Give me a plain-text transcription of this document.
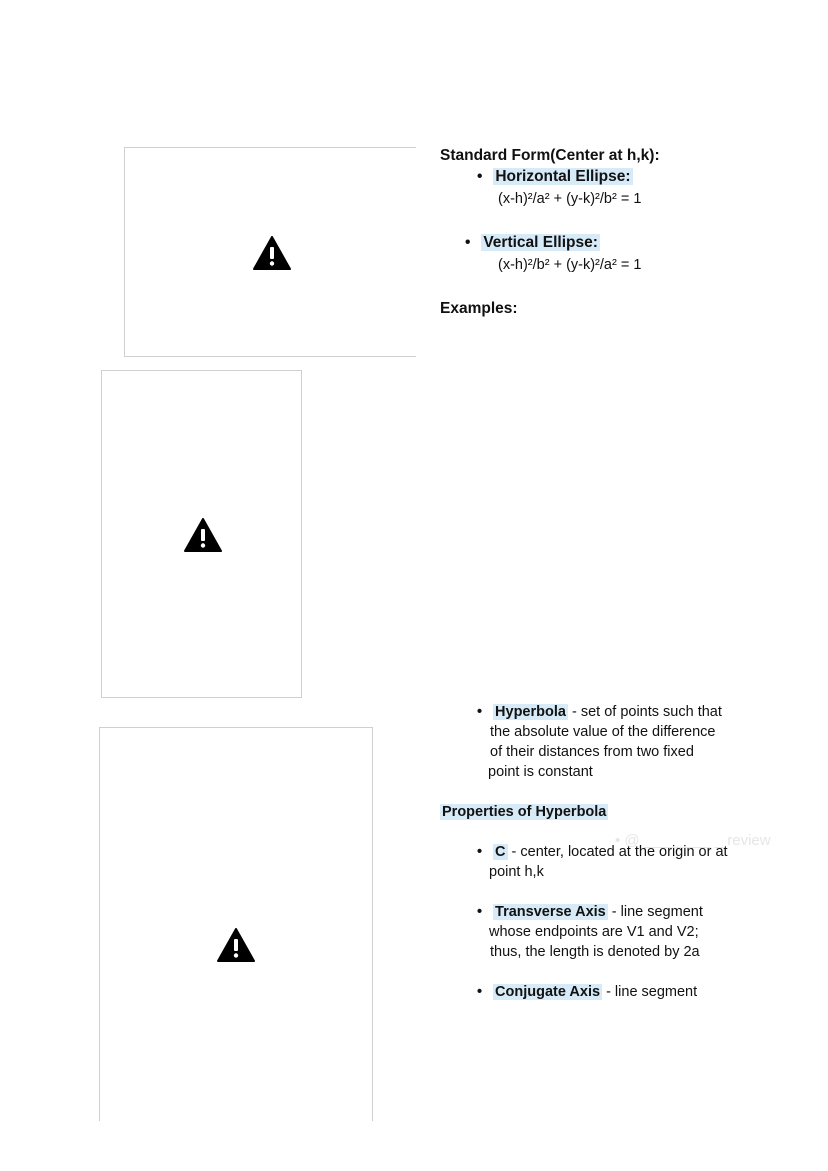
Standard Form(Center at h,k):
• Horizontal Ellipse:
(x-h)²/a² + (y-k)²/b² = 1
• Vertical Ellipse:
(x-h)²/b² + (y-k)²/a² = 1
Examples:
• Hyperbola - set of points such that
the absolute value of the difference
of their distances from two fixed
point is constant
Properties of Hyperbola
• @ ________ _ review
• C - center, located at the origin or at
point h,k
• Transverse Axis - line segment
whose endpoints are V1 and V2;
thus, the length is denoted by 2a
• Conjugate Axis - line segment
